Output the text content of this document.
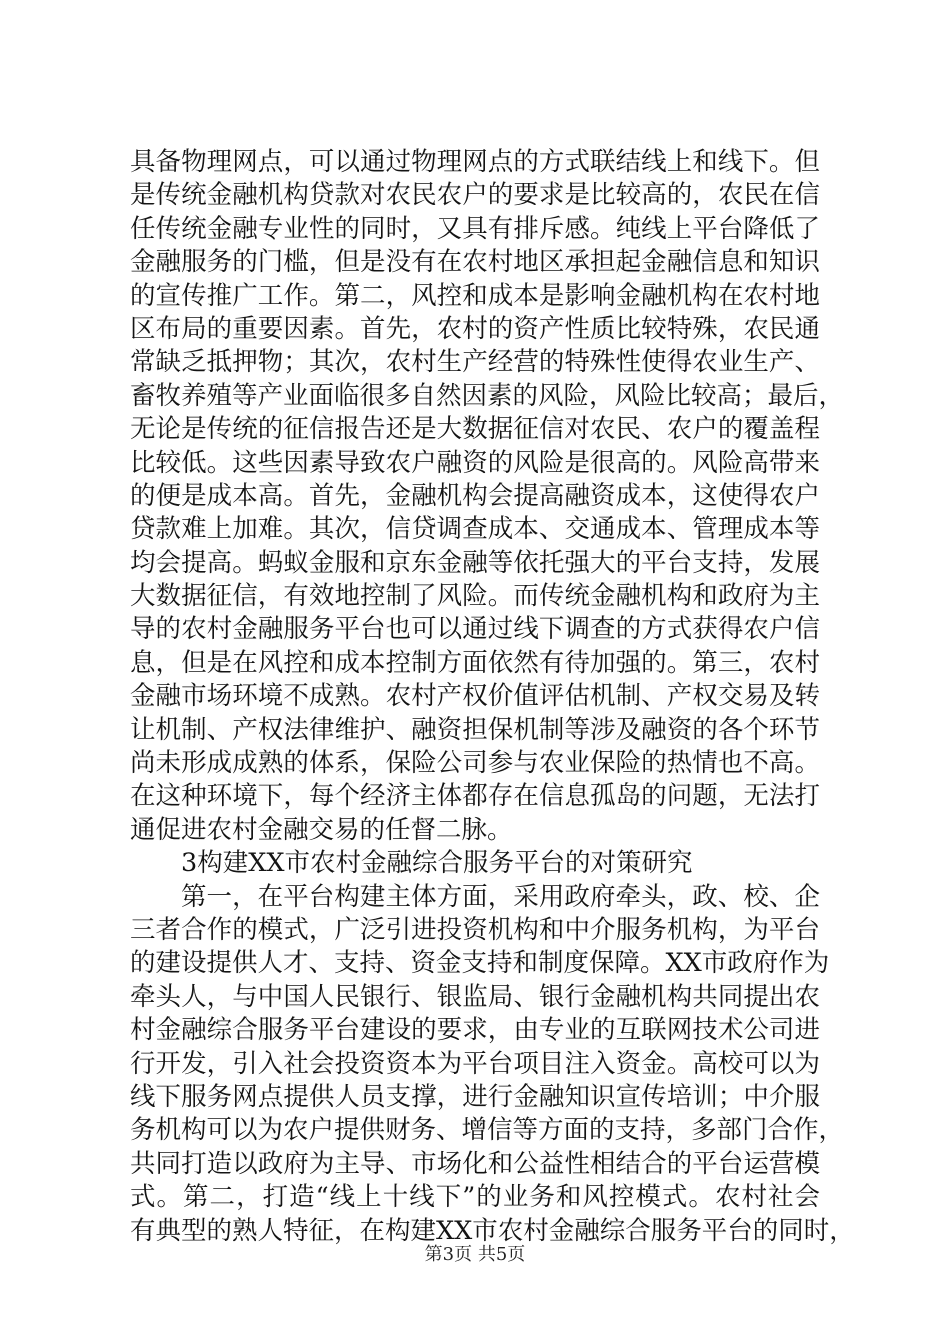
具备物理网点，可以通过物理网点的方式联结线上和线下。但
是传统金融机构贷款对农民农户的要求是比较高的，农民在信
任传统金融专业性的同时，又具有排斥感。纯线上平台降低了
金融服务的门槛，但是没有在农村地区承担起金融信息和知识
的宣传推广工作。第二，风控和成本是影响金融机构在农村地
区布局的重要因素。首先，农村的资产性质比较特殊，农民通
常缺乏抵押物；其次，农村生产经营的特殊性使得农业生产、
畜牧养殖等产业面临很多自然因素的风险，风险比较高；最后，
无论是传统的征信报告还是大数据征信对农民、农户的覆盖程
比较低。这些因素导致农户融资的风险是很高的。风险高带来
的便是成本高。首先，金融机构会提高融资成本，这使得农户
贷款难上加难。其次，信贷调查成本、交通成本、管理成本等
均会提高。蚂蚁金服和京东金融等依托强大的平台支持，发展
大数据征信，有效地控制了风险。而传统金融机构和政府为主
导的农村金融服务平台也可以通过线下调查的方式获得农户信
息，但是在风控和成本控制方面依然有待加强的。第三，农村
金融市场环境不成熟。农村产权价值评估机制、产权交易及转
让机制、产权法律维护、融资担保机制等涉及融资的各个环节
尚未形成成熟的体系，保险公司参与农业保险的热情也不高。
在这种环境下，每个经济主体都存在信息孤岛的问题，无法打
通促进农村金融交易的任督二脉。
3构建XX市农村金融综合服务平台的对策研究
第一，在平台构建主体方面，采用政府牵头，政、校、企
三者合作的模式，广泛引进投资机构和中介服务机构，为平台
的建设提供人才、支持、资金支持和制度保障。XX市政府作为
牵头人，与中国人民银行、银监局、银行金融机构共同提出农
村金融综合服务平台建设的要求，由专业的互联网技术公司进
行开发，引入社会投资资本为平台项目注入资金。高校可以为
线下服务网点提供人员支撑，进行金融知识宣传培训；中介服
务机构可以为农户提供财务、增信等方面的支持，多部门合作，
共同打造以政府为主导、市场化和公益性相结合的平台运营模
式。第二，打造“线上十线下”的业务和风控模式。农村社会
有典型的熟人特征，在构建XX市农村金融综合服务平台的同时，
第3页 共5页
